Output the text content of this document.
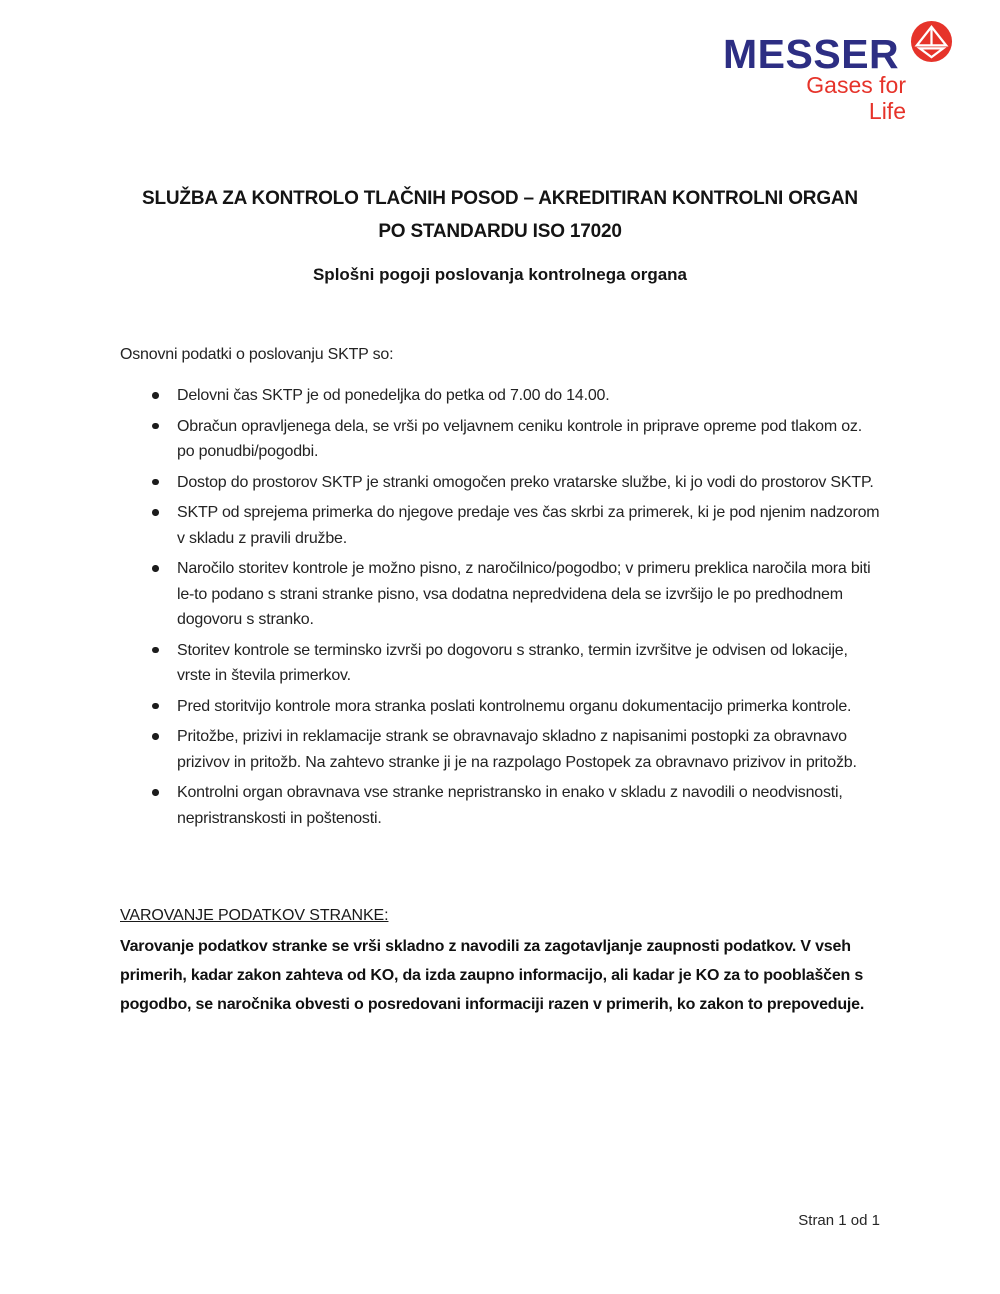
MESSER
Gases for Life
SLUŽBA ZA KONTROLO TLAČNIH POSOD – AKREDITIRAN KONTROLNI ORGAN PO STANDARDU ISO 17020
Splošni pogoji poslovanja kontrolnega organa

Osnovni podatki o poslovanju SKTP so:

Delovni čas SKTP je od ponedeljka do petka od 7.00 do 14.00.
Obračun opravljenega dela, se vrši po veljavnem ceniku kontrole in priprave opreme pod tlakom oz. po ponudbi/pogodbi.
Dostop do prostorov SKTP je stranki omogočen preko vratarske službe, ki jo vodi do prostorov SKTP.
SKTP od sprejema primerka do njegove predaje ves čas skrbi za primerek, ki je pod njenim nadzorom v skladu z pravili družbe.
Naročilo storitev kontrole je možno pisno, z naročilnico/pogodbo; v primeru preklica naročila mora biti le-to podano s strani stranke pisno, vsa dodatna nepredvidena dela se izvršijo le po predhodnem dogovoru s stranko.
Storitev kontrole se terminsko izvrši po dogovoru s stranko, termin izvršitve je odvisen od lokacije, vrste in števila primerkov.
Pred storitvijo kontrole mora stranka poslati kontrolnemu organu dokumentacijo primerka kontrole.
Pritožbe, prizivi in reklamacije strank se obravnavajo skladno z napisanimi postopki za obravnavo prizivov in pritožb. Na zahtevo stranke ji je na razpolago Postopek za obravnavo prizivov in pritožb.
Kontrolni organ obravnava vse stranke nepristransko in enako v skladu z navodili o neodvisnosti, nepristranskosti in poštenosti.
VAROVANJE PODATKOV STRANKE:

Varovanje podatkov stranke se vrši skladno z navodili za zagotavljanje zaupnosti podatkov. V vseh primerih, kadar zakon zahteva od KO, da izda zaupno informacijo, ali kadar je KO za to pooblaščen s pogodbo, se naročnika obvesti o posredovani informaciji razen v primerih, ko zakon to prepoveduje.

Stran 1 od 1
